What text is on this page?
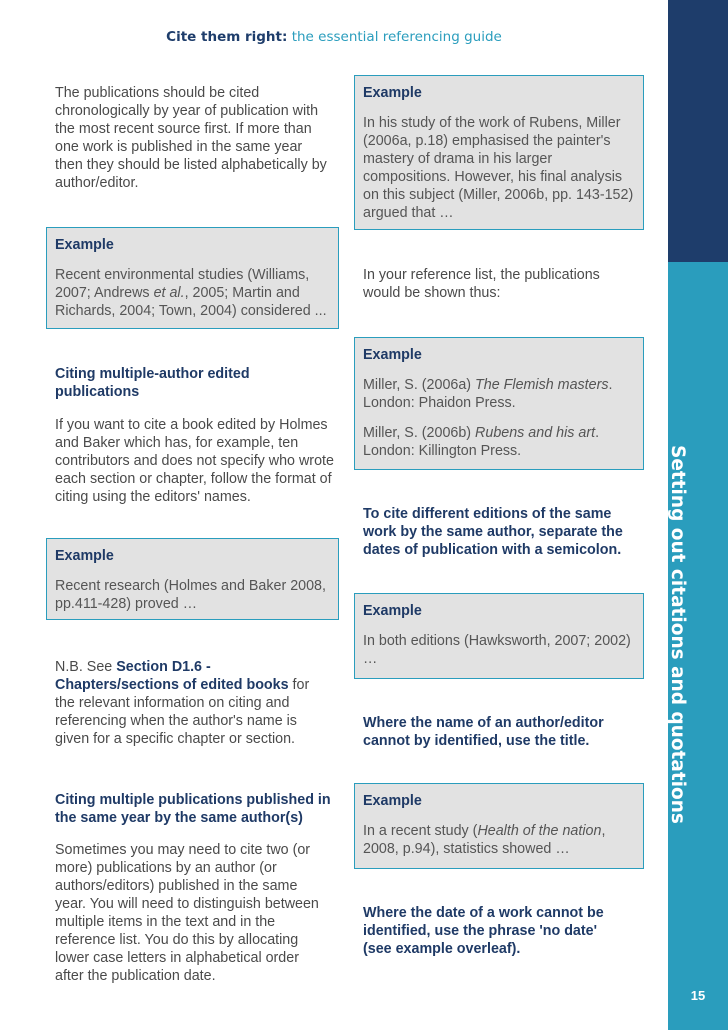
Cite them right: the essential referencing guide
Setting out citations and quotations
15
The publications should be cited chronologically by year of publication with the most recent source first. If more than one work is published in the same year then they should be listed alphabetically by author/editor.
Example

Recent environmental studies (Williams, 2007; Andrews et al., 2005; Martin and Richards, 2004; Town, 2004) considered ...

Citing multiple-author edited publications
If you want to cite a book edited by Holmes and Baker which has, for example, ten contributors and does not specify who wrote each section or chapter, follow the format of citing using the editors' names.
Example

Recent research (Holmes and Baker 2008, pp.411-428) proved …

N.B. See Section D1.6 - Chapters/sections of edited books for the relevant information on citing and referencing when the author's name is given for a specific chapter or section.
Citing multiple publications published in the same year by the same author(s)
Sometimes you may need to cite two (or more) publications by an author (or authors/editors) published in the same year. You will need to distinguish between multiple items in the text and in the reference list. You do this by allocating lower case letters in alphabetical order after the publication date.
Example

In his study of the work of Rubens, Miller (2006a, p.18) emphasised the painter's mastery of drama in his larger compositions. However, his final analysis on this subject (Miller, 2006b, pp. 143-152) argued that …

In your reference list, the publications would be shown thus:
Example

Miller, S. (2006a) The Flemish masters. London: Phaidon Press.

Miller, S. (2006b) Rubens and his art. London: Killington Press.

To cite different editions of the same work by the same author, separate the dates of publication with a semicolon.
Example

In both editions (Hawksworth, 2007; 2002) …

Where the name of an author/editor cannot by identified, use the title.
Example

In a recent study (Health of the nation, 2008, p.94), statistics showed …

Where the date of a work cannot be identified, use the phrase 'no date' (see example overleaf).
